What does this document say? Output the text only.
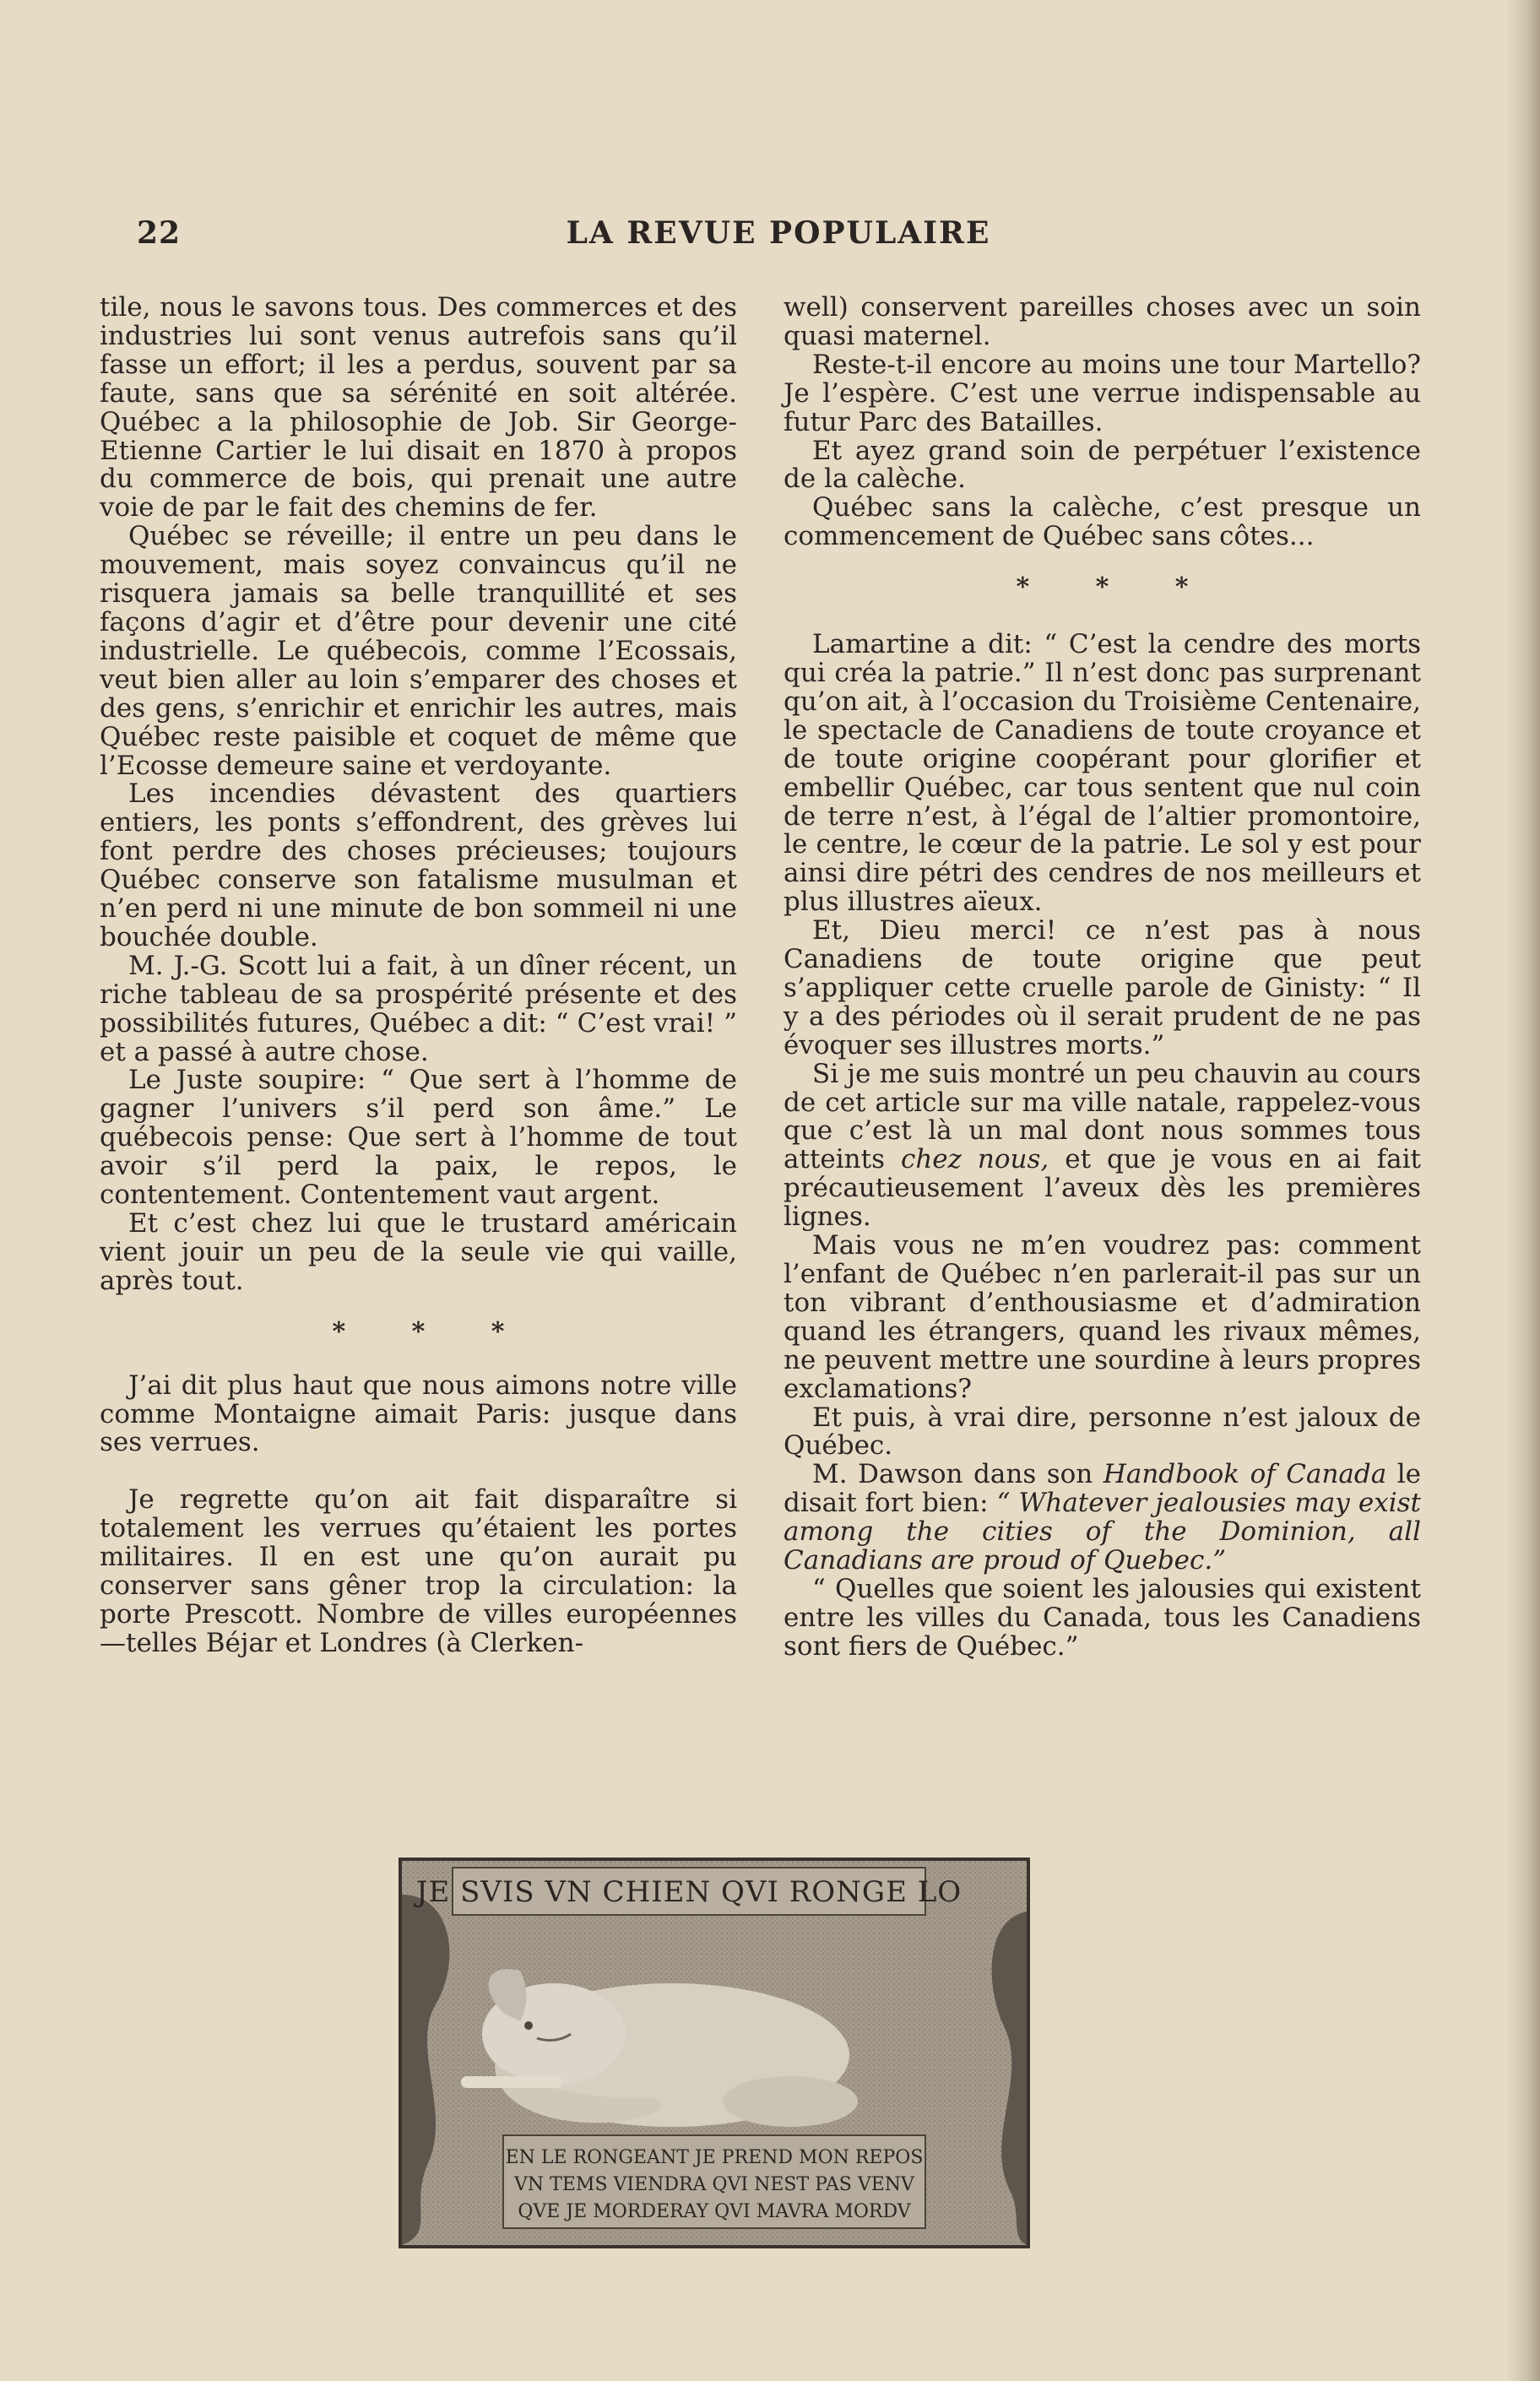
22	LA REVUE POPULAIRE

tile, nous le savons tous. Des commerces et des industries lui sont venus autrefois sans qu’il fasse un effort; il les a perdus, souvent par sa faute, sans que sa sérénité en soit altérée. Québec a la philosophie de Job. Sir George-Etienne Cartier le lui disait en 1870 à propos du commerce de bois, qui prenait une autre voie de par le fait des chemins de fer.

Québec se réveille; il entre un peu dans le mouvement, mais soyez convaincus qu’il ne risquera jamais sa belle tranquillité et ses façons d’agir et d’être pour devenir une cité industrielle. Le québecois, comme l’Ecossais, veut bien aller au loin s’emparer des choses et des gens, s’enrichir et enrichir les autres, mais Québec reste paisible et coquet de même que l’Ecosse demeure saine et verdoyante.

Les incendies dévastent des quartiers entiers, les ponts s’effondrent, des grèves lui font perdre des choses précieuses; toujours Québec conserve son fatalisme musulman et n’en perd ni une minute de bon sommeil ni une bouchée double.

M. J.-G. Scott lui a fait, à un dîner récent, un riche tableau de sa prospérité présente et des possibilités futures, Québec a dit: “ C’est vrai! ” et a passé à autre chose.

Le Juste soupire: “ Que sert à l’homme de gagner l’univers s’il perd son âme.” Le québecois pense: Que sert à l’homme de tout avoir s’il perd la paix, le repos, le contentement. Contentement vaut argent.

Et c’est chez lui que le trustard américain vient jouir un peu de la seule vie qui vaille, après tout.

* * *

J’ai dit plus haut que nous aimons notre ville comme Montaigne aimait Paris: jusque dans ses verrues.

Je regrette qu’on ait fait disparaître si totalement les verrues qu’étaient les portes militaires. Il en est une qu’on aurait pu conserver sans gêner trop la circulation: la porte Prescott. Nombre de villes européennes—telles Béjar et Londres (à Clerken-

well) conservent pareilles choses avec un soin quasi maternel.

Reste-t-il encore au moins une tour Martello? Je l’espère. C’est une verrue indispensable au futur Parc des Batailles.

Et ayez grand soin de perpétuer l’existence de la calèche.

Québec sans la calèche, c’est presque un commencement de Québec sans côtes...

* * *

Lamartine a dit: “ C’est la cendre des morts qui créa la patrie.” Il n’est donc pas surprenant qu’on ait, à l’occasion du Troisième Centenaire, le spectacle de Canadiens de toute croyance et de toute origine coopérant pour glorifier et embellir Québec, car tous sentent que nul coin de terre n’est, à l’égal de l’altier promontoire, le centre, le cœur de la patrie. Le sol y est pour ainsi dire pétri des cendres de nos meilleurs et plus illustres aïeux.

Et, Dieu merci! ce n’est pas à nous Canadiens de toute origine que peut s’appliquer cette cruelle parole de Ginisty: “ Il y a des périodes où il serait prudent de ne pas évoquer ses illustres morts.”

Si je me suis montré un peu chauvin au cours de cet article sur ma ville natale, rappelez-vous que c’est là un mal dont nous sommes tous atteints chez nous, et que je vous en ai fait précautieusement l’aveux dès les premières lignes.

Mais vous ne m’en voudrez pas: comment l’enfant de Québec n’en parlerait-il pas sur un ton vibrant d’enthousiasme et d’admiration quand les étrangers, quand les rivaux mêmes, ne peuvent mettre une sourdine à leurs propres exclamations?

Et puis, à vrai dire, personne n’est jaloux de Québec.

M. Dawson dans son Handbook of Canada le disait fort bien: “ Whatever jealousies may exist among the cities of the Dominion, all Canadians are proud of Quebec.”

“ Quelles que soient les jalousies qui existent entre les villes du Canada, tous les Canadiens sont fiers de Québec.”

JE SVIS VN CHIEN QVI RONGE LO
EN LE RONGEANT JE PREND MON REPOS
VN TEMS VIENDRA QVI NEST PAS VENV
QVE JE MORDERAY QVI MAVRA MORDV
